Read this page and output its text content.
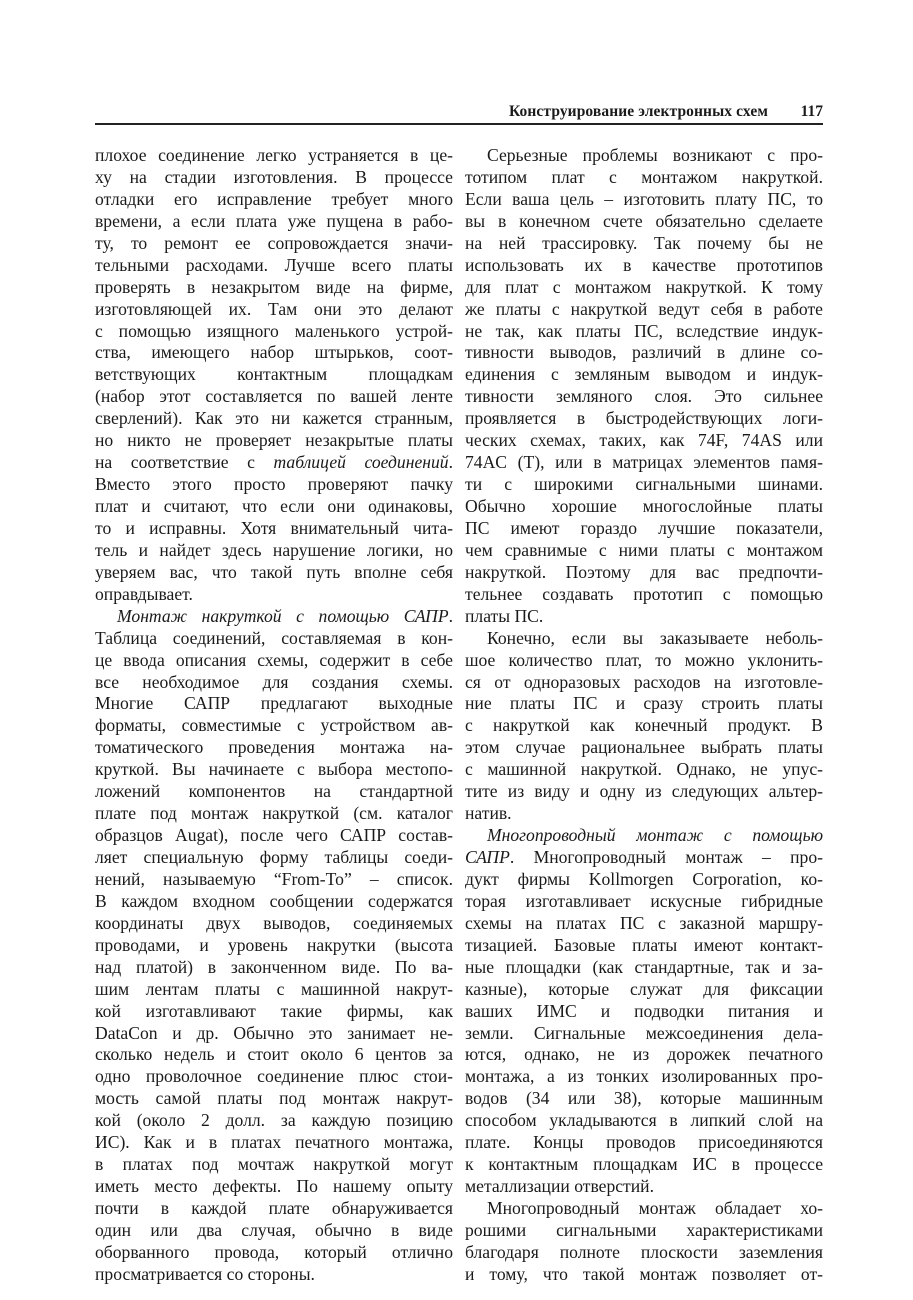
Конструирование электронных схем 117
плохое соединение легко устраняется в це-
ху на стадии изготовления. В процессе
отладки его исправление требует много
времени, а если плата уже пущена в рабо-
ту, то ремонт ее сопровождается значи-
тельными расходами. Лучше всего платы
проверять в незакрытом виде на фирме,
изготовляющей их. Там они это делают
с помощью изящного маленького устрой-
ства, имеющего набор штырьков, соот-
ветствующих контактным площадкам
(набор этот составляется по вашей ленте
сверлений). Как это ни кажется странным,
но никто не проверяет незакрытые платы
на соответствие с таблицей соединений.
Вместо этого просто проверяют пачку
плат и считают, что если они одинаковы,
то и исправны. Хотя внимательный чита-
тель и найдет здесь нарушение логики, но
уверяем вас, что такой путь вполне себя
оправдывает.
Монтаж накруткой с помощью САПР.
Таблица соединений, составляемая в кон-
це ввода описания схемы, содержит в себе
все необходимое для создания схемы.
Многие САПР предлагают выходные
форматы, совместимые с устройством ав-
томатического проведения монтажа на-
круткой. Вы начинаете с выбора местопо-
ложений компонентов на стандартной
плате под монтаж накруткой (см. каталог
образцов Augat), после чего САПР состав-
ляет специальную форму таблицы соеди-
нений, называемую “From-To” – список.
В каждом входном сообщении содержатся
координаты двух выводов, соединяемых
проводами, и уровень накрутки (высота
над платой) в законченном виде. По ва-
шим лентам платы с машинной накрут-
кой изготавливают такие фирмы, как
DataCon и др. Обычно это занимает не-
сколько недель и стоит около 6 центов за
одно проволочное соединение плюс стои-
мость самой платы под монтаж накрут-
кой (около 2 долл. за каждую позицию
ИС). Как и в платах печатного монтажа,
в платах под мочтаж накруткой могут
иметь место дефекты. По нашему опыту
почти в каждой плате обнаруживается
один или два случая, обычно в виде
оборванного провода, который отлично
просматривается со стороны.
Серьезные проблемы возникают с про-
тотипом плат с монтажом накруткой.
Если ваша цель – изготовить плату ПС, то
вы в конечном счете обязательно сделаете
на ней трассировку. Так почему бы не
использовать их в качестве прототипов
для плат с монтажом накруткой. К тому
же платы с накруткой ведут себя в работе
не так, как платы ПС, вследствие индук-
тивности выводов, различий в длине со-
единения с земляным выводом и индук-
тивности земляного слоя. Это сильнее
проявляется в быстродействующих логи-
ческих схемах, таких, как 74F, 74AS или
74AC (T), или в матрицах элементов памя-
ти с широкими сигнальными шинами.
Обычно хорошие многослойные платы
ПС имеют гораздо лучшие показатели,
чем сравнимые с ними платы с монтажом
накруткой. Поэтому для вас предпочти-
тельнее создавать прототип с помощью
платы ПС.
Конечно, если вы заказываете неболь-
шое количество плат, то можно уклонить-
ся от одноразовых расходов на изготовле-
ние платы ПС и сразу строить платы
с накруткой как конечный продукт. В
этом случае рациональнее выбрать платы
с машинной накруткой. Однако, не упус-
тите из виду и одну из следующих альтер-
натив.
Многопроводный монтаж с помощью
САПР. Многопроводный монтаж – про-
дукт фирмы Kollmorgen Corporation, ко-
торая изготавливает искусные гибридные
схемы на платах ПС с заказной маршру-
тизацией. Базовые платы имеют контакт-
ные площадки (как стандартные, так и за-
казные), которые служат для фиксации
ваших ИМС и подводки питания и
земли. Сигнальные межсоединения дела-
ются, однако, не из дорожек печатного
монтажа, а из тонких изолированных про-
водов (34 или 38), которые машинным
способом укладываются в липкий слой на
плате. Концы проводов присоединяются
к контактным площадкам ИС в процессе
металлизации отверстий.
Многопроводный монтаж обладает хо-
рошими сигнальными характеристиками
благодаря полноте плоскости заземления
и тому, что такой монтаж позволяет от-
